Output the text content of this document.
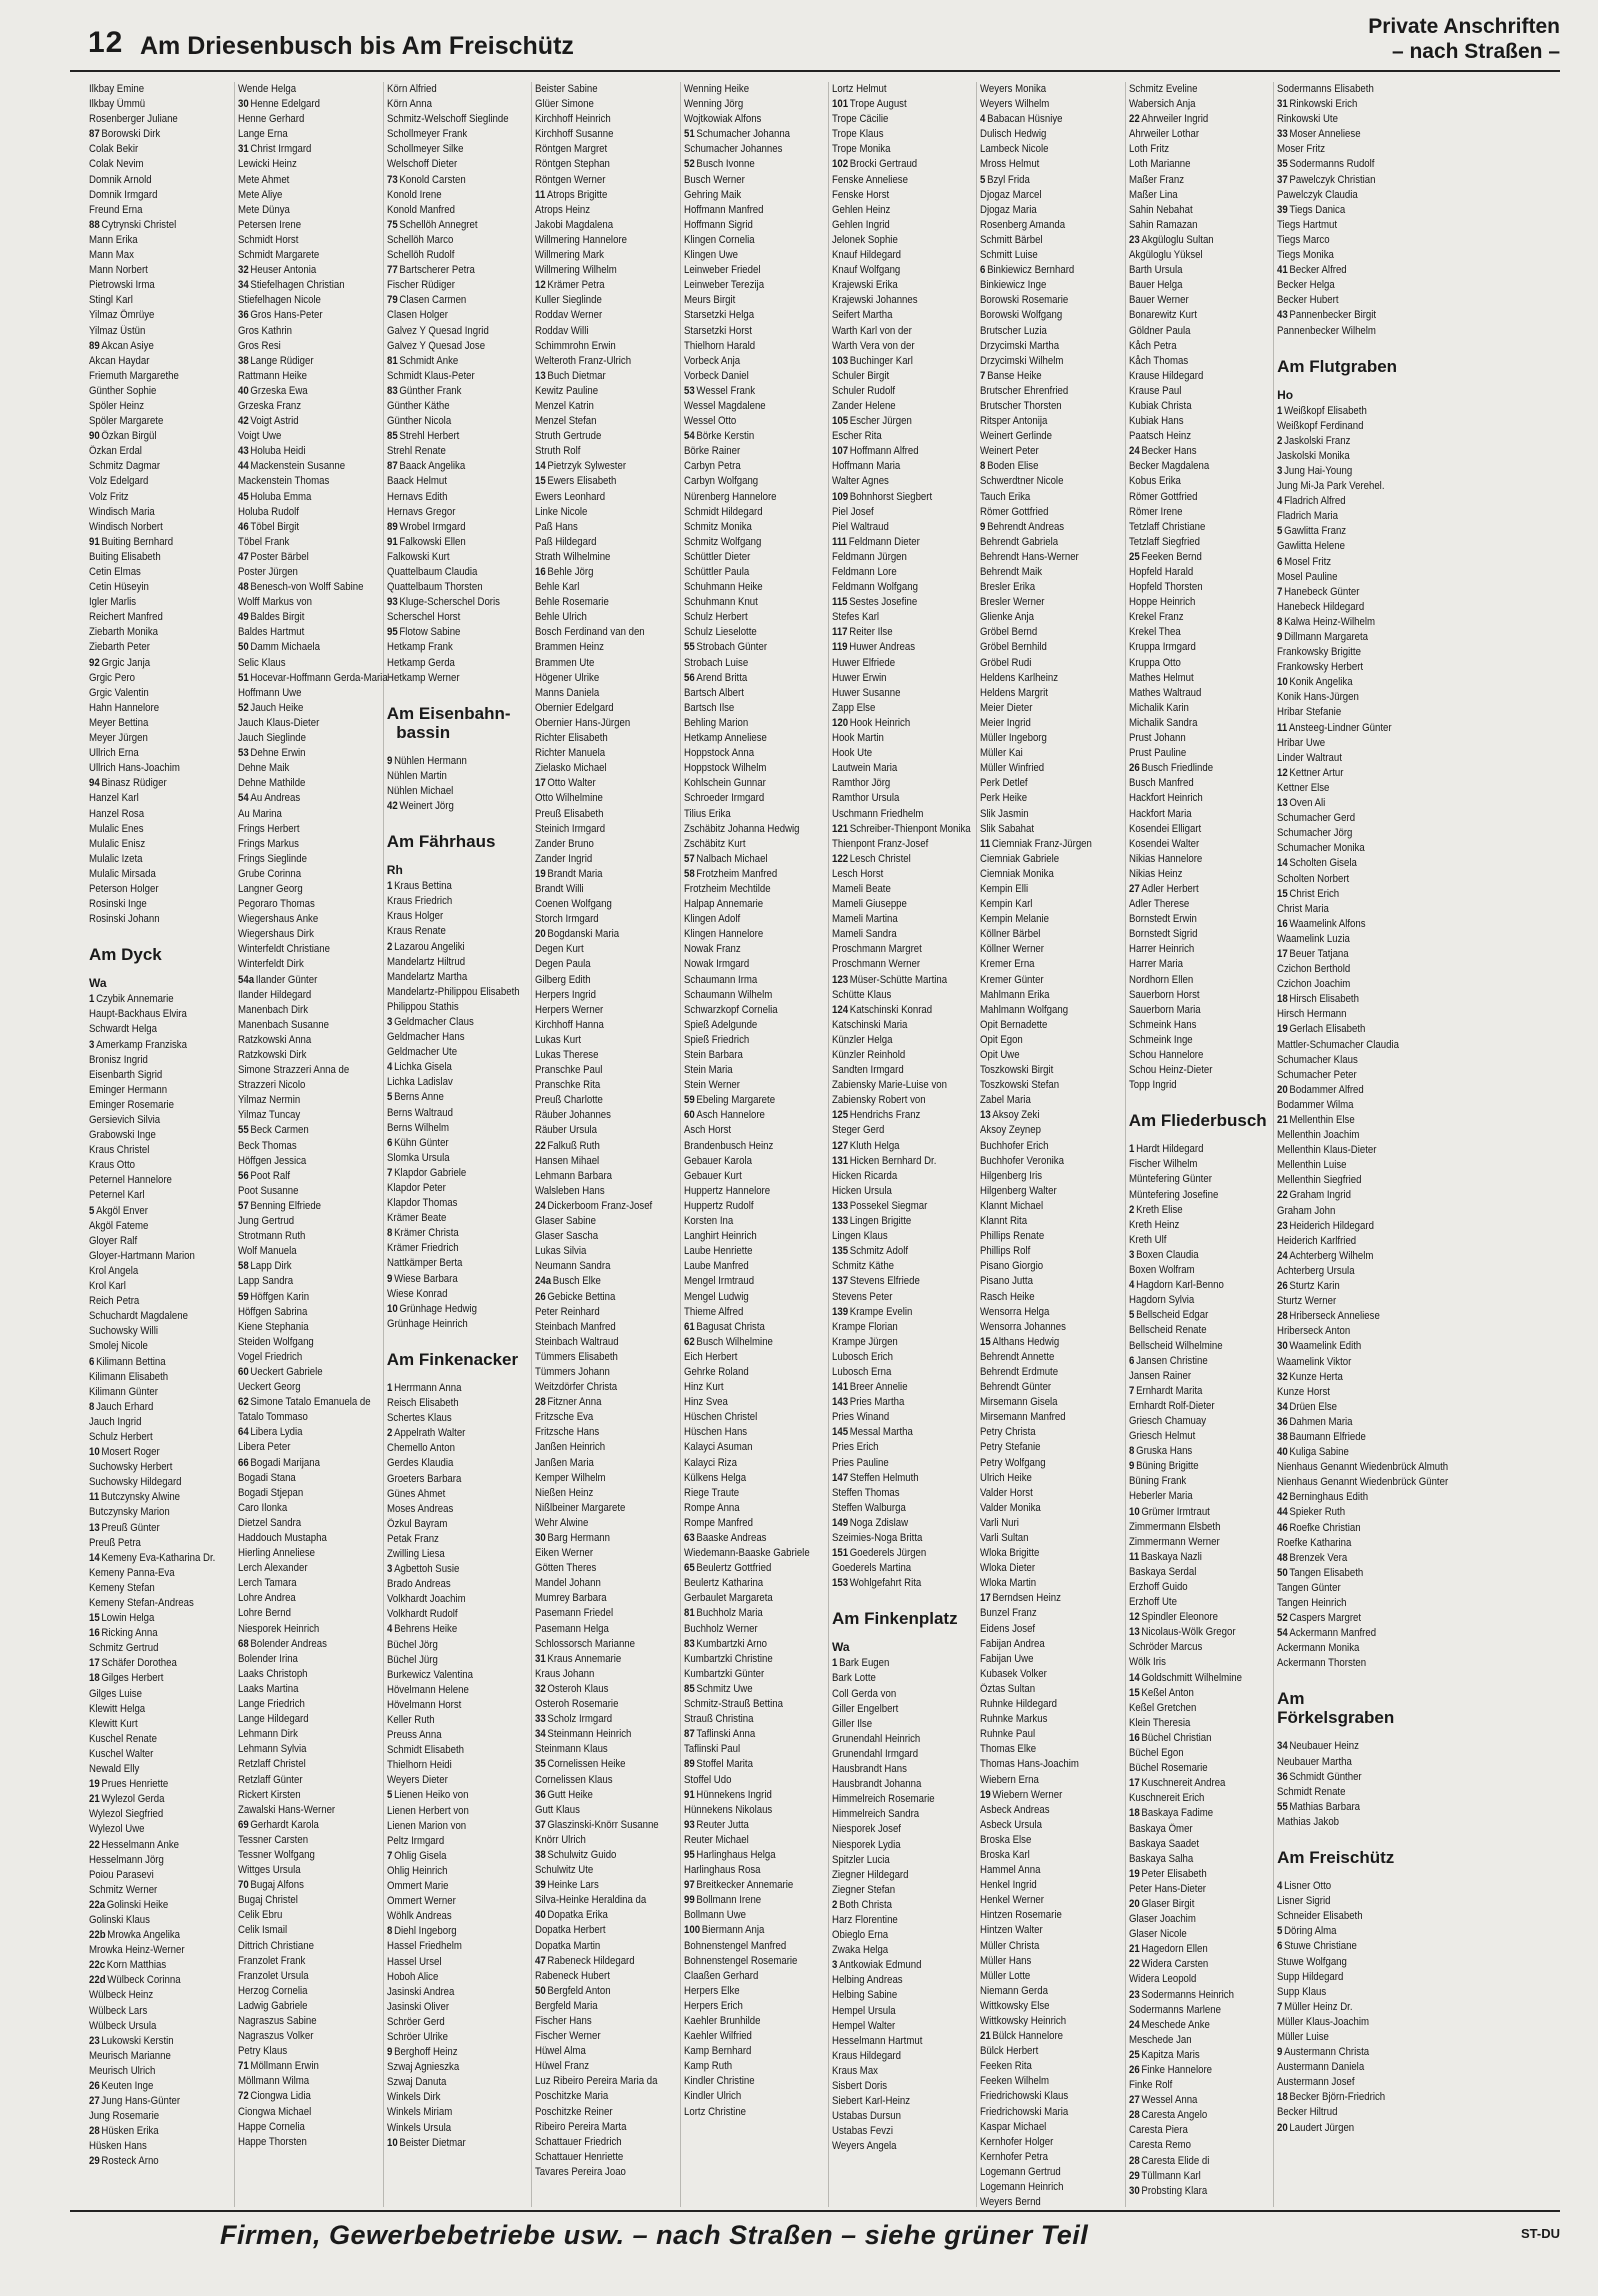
12 Am Driesenbusch bis Am Freischütz
Private Anschriften
– nach Straßen –
Ilkbay Emine
Ilkbay Ümmü
Rosenberger Juliane
87 Borowski Dirk
Colak Bekir
Colak Nevim
Domnik Arnold
Domnik Irmgard
Freund Erna
88 Cytrynski Christel
Mann Erika
Mann Max
Mann Norbert
Pietrowski Irma
Stingl Karl
Yilmaz Ömrüye
Yilmaz Üstün
89 Akcan Asiye
Akcan Haydar
Friemuth Margarethe
Günther Sophie
Spöler Heinz
Spöler Margarete
90 Özkan Birgül
Özkan Erdal
Schmitz Dagmar
Volz Edelgard
Volz Fritz
Windisch Maria
Windisch Norbert
91 Buiting Bernhard
Buiting Elisabeth
Cetin Elmas
Cetin Hüseyin
Igler Marlis
Reichert Manfred
Ziebarth Monika
Ziebarth Peter
92 Grgic Janja
Grgic Pero
Grgic Valentin
Hahn Hannelore
Meyer Bettina
Meyer Jürgen
Ullrich Erna
Ullrich Hans-Joachim
94 Binasz Rüdiger
Hanzel Karl
Hanzel Rosa
Mulalic Enes
Mulalic Enisz
Mulalic Izeta
Mulalic Mirsada
Peterson Holger
Rosinski Inge
Rosinski Johann
Am Dyck
Wa
1 Czybik Annemarie
Haupt-Backhaus Elvira
Schwardt Helga
3 Amerkamp Franziska
Bronisz Ingrid
Eisenbarth Sigrid
Eminger Hermann
Eminger Rosemarie
Gersievich Silvia
Grabowski Inge
Kraus Christel
Kraus Otto
Peternel Hannelore
Peternel Karl
5 Akgöl Enver
Akgöl Fateme
Gloyer Ralf
Gloyer-Hartmann Marion
Krol Angela
Krol Karl
Reich Petra
Schuchardt Magdalene
Suchowsky Willi
Smolej Nicole
6 Kilimann Bettina
Kilimann Elisabeth
Kilimann Günter
8 Jauch Erhard
Jauch Ingrid
Schulz Herbert
10 Mosert Roger
Suchowsky Herbert
Suchowsky Hildegard
11 Butczynsky Alwine
Butczynsky Marion
13 Preuß Günter
Preuß Petra
14 Kemeny Eva-Katharina Dr.
Kemeny Panna-Eva
Kemeny Stefan
Kemeny Stefan-Andreas
15 Lowin Helga
16 Ricking Anna
Schmitz Gertrud
17 Schäfer Dorothea
18 Gilges Herbert
Gilges Luise
Klewitt Helga
Klewitt Kurt
Kuschel Renate
Kuschel Walter
Newald Elly
19 Prues Henriette
21 Wylezol Gerda
Wylezol Siegfried
Wylezol Uwe
22 Hesselmann Anke
Hesselmann Jörg
Poiou Parasevi
Schmitz Werner
22a Golinski Heike
Golinski Klaus
22b Mrowka Angelika
Mrowka Heinz-Werner
22c Korn Matthias
22d Wülbeck Corinna
Wülbeck Heinz
Wülbeck Lars
Wülbeck Ursula
23 Lukowski Kerstin
Meurisch Marianne
Meurisch Ulrich
26 Keuten Inge
27 Jung Hans-Günter
Jung Rosemarie
28 Hüsken Erika
Hüsken Hans
29 Rosteck Arno
Wende Helga
30 Henne Edelgard
Henne Gerhard
Lange Erna
31 Christ Irmgard
Lewicki Heinz
Mete Ahmet
Mete Aliye
Mete Dünya
Petersen Irene
Schmidt Horst
Schmidt Margarete
32 Heuser Antonia
34 Stiefelhagen Christian
Stiefelhagen Nicole
36 Gros Hans-Peter
Gros Kathrin
Gros Resi
38 Lange Rüdiger
Rattmann Heike
40 Grzeska Ewa
Grzeska Franz
42 Voigt Astrid
Voigt Uwe
43 Holuba Heidi
44 Mackenstein Susanne
Mackenstein Thomas
45 Holuba Emma
Holuba Rudolf
46 Töbel Birgit
Töbel Frank
47 Poster Bärbel
Poster Jürgen
48 Benesch-von Wolff Sabine
Wolff Markus von
49 Baldes Birgit
Baldes Hartmut
50 Damm Michaela
Selic Klaus
51 Hocevar-Hoffmann Gerda-Maria
Hoffmann Uwe
52 Jauch Heike
Jauch Klaus-Dieter
Jauch Sieglinde
53 Dehne Erwin
Dehne Maik
Dehne Mathilde
54 Au Andreas
Au Marina
Frings Herbert
Frings Markus
Frings Sieglinde
Grube Corinna
Langner Georg
Pegoraro Thomas
Wiegershaus Anke
Wiegershaus Dirk
Winterfeldt Christiane
Winterfeldt Dirk
54a Ilander Günter
Ilander Hildegard
Manenbach Dirk
Manenbach Susanne
Ratzkowski Anna
Ratzkowski Dirk
Simone Strazzeri Anna de
Strazzeri Nicolo
Yilmaz Nermin
Yilmaz Tuncay
55 Beck Carmen
Beck Thomas
Höffgen Jessica
56 Poot Ralf
Poot Susanne
57 Benning Elfriede
Jung Gertrud
Strotmann Ruth
Wolf Manuela
58 Lapp Dirk
Lapp Sandra
59 Höffgen Karin
Höffgen Sabrina
Kiene Stephania
Steiden Wolfgang
Vogel Friedrich
60 Ueckert Gabriele
Ueckert Georg
62 Simone Tatalo Emanuela de
Tatalo Tommaso
64 Libera Lydia
Libera Peter
66 Bogadi Marijana
Bogadi Stana
Bogadi Stjepan
Caro Ilonka
Dietzel Sandra
Haddouch Mustapha
Hierling Anneliese
Lerch Alexander
Lerch Tamara
Lohre Andrea
Lohre Bernd
Niesporek Heinrich
68 Bolender Andreas
Bolender Irina
Laaks Christoph
Laaks Martina
Lange Friedrich
Lange Hildegard
Lehmann Dirk
Lehmann Sylvia
Retzlaff Christel
Retzlaff Günter
Rickert Kirsten
Zawalski Hans-Werner
69 Gerhardt Karola
Tessner Carsten
Tessner Wolfgang
Wittges Ursula
70 Bugaj Alfons
Bugaj Christel
Celik Ebru
Celik Ismail
Dittrich Christiane
Franzolet Frank
Franzolet Ursula
Herzog Cornelia
Ladwig Gabriele
Nagraszus Sabine
Nagraszus Volker
Petry Klaus
71 Möllmann Erwin
Möllmann Wilma
72 Ciongwa Lidia
Ciongwa Michael
Happe Cornelia
Happe Thorsten
Körn Alfried
Körn Anna
Schmitz-Welschoff Sieglinde
Schollmeyer Frank
Schollmeyer Silke
Welschoff Dieter
73 Konold Carsten
Konold Irene
Konold Manfred
75 Schellöh Annegret
Schellöh Marco
Schellöh Rudolf
77 Bartscherer Petra
Fischer Rüdiger
79 Clasen Carmen
Clasen Holger
Galvez Y Quesad Ingrid
Galvez Y Quesad Jose
81 Schmidt Anke
Schmidt Klaus-Peter
83 Günther Frank
Günther Käthe
Günther Nicola
85 Strehl Herbert
Strehl Renate
87 Baack Angelika
Baack Helmut
Hernavs Edith
Hernavs Gregor
89 Wrobel Irmgard
91 Falkowski Ellen
Falkowski Kurt
Quattelbaum Claudia
Quattelbaum Thorsten
93 Kluge-Scherschel Doris
Scherschel Horst
95 Flotow Sabine
Hetkamp Frank
Hetkamp Gerda
Hetkamp Werner
Am Eisenbahn-  bassin
9 Nühlen Hermann
Nühlen Martin
Nühlen Michael
42 Weinert Jörg
Am Fährhaus
Rh
1 Kraus Bettina
Kraus Friedrich
Kraus Holger
Kraus Renate
2 Lazarou Angeliki
Mandelartz Hiltrud
Mandelartz Martha
Mandelartz-Philippou Elisabeth
Philippou Stathis
3 Geldmacher Claus
Geldmacher Hans
Geldmacher Ute
4 Lichka Gisela
Lichka Ladislav
5 Berns Anne
Berns Waltraud
Berns Wilhelm
6 Kühn Günter
Slomka Ursula
7 Klapdor Gabriele
Klapdor Peter
Klapdor Thomas
Krämer Beate
8 Krämer Christa
Krämer Friedrich
Nattkämper Berta
9 Wiese Barbara
Wiese Konrad
10 Grünhage Hedwig
Grünhage Heinrich
Am Finkenacker
1 Herrmann Anna
Reisch Elisabeth
Schertes Klaus
2 Appelrath Walter
Chemello Anton
Gerdes Klaudia
Groeters Barbara
Günes Ahmet
Moses Andreas
Özkul Bayram
Petak Franz
Zwilling Liesa
3 Agbettoh Susie
Brado Andreas
Volkhardt Joachim
Volkhardt Rudolf
4 Behrens Heike
Büchel Jörg
Büchel Jürg
Burkewicz Valentina
Hövelmann Helene
Hövelmann Horst
Keller Ruth
Preuss Anna
Schmidt Elisabeth
Thielhorn Heidi
Weyers Dieter
5 Lienen Heiko von
Lienen Herbert von
Lienen Marion von
Peltz Irmgard
7 Ohlig Gisela
Ohlig Heinrich
Ommert Marie
Ommert Werner
Wöhlk Andreas
8 Diehl Ingeborg
Hassel Friedhelm
Hassel Ursel
Hoboh Alice
Jasinski Andrea
Jasinski Oliver
Schröer Gerd
Schröer Ulrike
9 Berghoff Heinz
Szwaj Agnieszka
Szwaj Danuta
Winkels Dirk
Winkels Miriam
Winkels Ursula
10 Beister Dietmar
Beister Sabine
Glüer Simone
Kirchhoff Heinrich
Kirchhoff Susanne
Röntgen Margret
Röntgen Stephan
Röntgen Werner
11 Atrops Brigitte
Atrops Heinz
Jakobi Magdalena
Willmering Hannelore
Willmering Mark
Willmering Wilhelm
12 Krämer Petra
Kuller Sieglinde
Roddav Werner
Roddav Willi
Schimmrohn Erwin
Welteroth Franz-Ulrich
13 Buch Dietmar
Kewitz Pauline
Menzel Katrin
Menzel Stefan
Struth Gertrude
Struth Rolf
14 Pietrzyk Sylwester
15 Ewers Elisabeth
Ewers Leonhard
Linke Nicole
Paß Hans
Paß Hildegard
Strath Wilhelmine
16 Behle Jörg
Behle Karl
Behle Rosemarie
Behle Ulrich
Bosch Ferdinand van den
Brammen Heinz
Brammen Ute
Högener Ulrike
Manns Daniela
Obernier Edelgard
Obernier Hans-Jürgen
Richter Elisabeth
Richter Manuela
Zielasko Michael
17 Otto Walter
Otto Wilhelmine
Preuß Elisabeth
Steinich Irmgard
Zander Bruno
Zander Ingrid
19 Brandt Maria
Brandt Willi
Coenen Wolfgang
Storch Irmgard
20 Bogdanski Maria
Degen Kurt
Degen Paula
Gilberg Edith
Herpers Ingrid
Herpers Werner
Kirchhoff Hanna
Lukas Kurt
Lukas Therese
Pranschke Paul
Pranschke Rita
Preuß Charlotte
Räuber Johannes
Räuber Ursula
22 Falkuß Ruth
Hansen Mihael
Lehmann Barbara
Walsleben Hans
24 Dickerboom Franz-Josef
Glaser Sabine
Glaser Sascha
Lukas Silvia
Neumann Sandra
24a Busch Elke
26 Gebicke Bettina
Peter Reinhard
Steinbach Manfred
Steinbach Waltraud
Tümmers Elisabeth
Tümmers Johann
Weitzdörfer Christa
28 Fitzner Anna
Fritzsche Eva
Fritzsche Hans
Janßen Heinrich
Janßen Maria
Kemper Wilhelm
Nießen Heinz
Nißlbeiner Margarete
Wehr Alwine
30 Barg Hermann
Eiken Werner
Götten Theres
Mandel Johann
Mumrey Barbara
Pasemann Friedel
Pasemann Helga
Schlossorsch Marianne
31 Kraus Annemarie
Kraus Johann
32 Osteroh Klaus
Osteroh Rosemarie
33 Scholz Irmgard
34 Steinmann Heinrich
Steinmann Klaus
35 Cornelissen Heike
Cornelissen Klaus
36 Gutt Heike
Gutt Klaus
37 Glaszinski-Knörr Susanne
Knörr Ulrich
38 Schulwitz Guido
Schulwitz Ute
39 Heinke Lars
Silva-Heinke Heraldina da
40 Dopatka Erika
Dopatka Herbert
Dopatka Martin
47 Rabeneck Hildegard
Rabeneck Hubert
50 Bergfeld Anton
Bergfeld Maria
Fischer Hans
Fischer Werner
Hüwel Alma
Hüwel Franz
Luz Ribeiro Pereira Maria da
Poschitzke Maria
Poschitzke Reiner
Ribeiro Pereira Marta
Schattauer Friedrich
Schattauer Henriette
Tavares Pereira Joao
Wenning Heike
Wenning Jörg
Wojtkowiak Alfons
51 Schumacher Johanna
Schumacher Johannes
52 Busch Ivonne
Busch Werner
Gehring Maik
Hoffmann Manfred
Hoffmann Sigrid
Klingen Cornelia
Klingen Uwe
Leinweber Friedel
Leinweber Terezija
Meurs Birgit
Starsetzki Helga
Starsetzki Horst
Thielhorn Harald
Vorbeck Anja
Vorbeck Daniel
53 Wessel Frank
Wessel Magdalene
Wessel Otto
54 Börke Kerstin
Börke Rainer
Carbyn Petra
Carbyn Wolfgang
Nürenberg Hannelore
Schmidt Hildegard
Schmitz Monika
Schmitz Wolfgang
Schüttler Dieter
Schüttler Paula
Schuhmann Heike
Schuhmann Knut
Schulz Herbert
Schulz Lieselotte
55 Strobach Günter
Strobach Luise
56 Arend Britta
Bartsch Albert
Bartsch Ilse
Behling Marion
Hetkamp Anneliese
Hoppstock Anna
Hoppstock Wilhelm
Kohlschein Gunnar
Schroeder Irmgard
Tilius Erika
Zschäbitz Johanna Hedwig
Zschäbitz Kurt
57 Nalbach Michael
58 Frotzheim Manfred
Frotzheim Mechtilde
Halpap Annemarie
Klingen Adolf
Klingen Hannelore
Nowak Franz
Nowak Irmgard
Schaumann Irma
Schaumann Wilhelm
Schwarzkopf Cornelia
Spieß Adelgunde
Spieß Friedrich
Stein Barbara
Stein Maria
Stein Werner
59 Ebeling Margarete
60 Asch Hannelore
Asch Horst
Brandenbusch Heinz
Gebauer Karola
Gebauer Kurt
Huppertz Hannelore
Huppertz Rudolf
Korsten Ina
Langhirt Heinrich
Laube Henriette
Laube Manfred
Mengel Irmtraud
Mengel Ludwig
Thieme Alfred
61 Bagusat Christa
62 Busch Wilhelmine
Eich Herbert
Gehrke Roland
Hinz Kurt
Hinz Svea
Hüschen Christel
Hüschen Hans
Kalayci Asuman
Kalayci Riza
Külkens Helga
Riege Traute
Rompe Anna
Rompe Manfred
63 Baaske Andreas
Wiedemann-Baaske Gabriele
65 Beulertz Gottfried
Beulertz Katharina
Gerbaulet Margareta
81 Buchholz Maria
Buchholz Werner
83 Kumbartzki Arno
Kumbartzki Christine
Kumbartzki Günter
85 Schmitz Uwe
Schmitz-Strauß Bettina
Strauß Christina
87 Taflinski Anna
Taflinski Paul
89 Stoffel Marita
Stoffel Udo
91 Hünnekens Ingrid
Hünnekens Nikolaus
93 Reuter Jutta
Reuter Michael
95 Harlinghaus Helga
Harlinghaus Rosa
97 Breitkecker Annemarie
99 Bollmann Irene
Bollmann Uwe
100 Biermann Anja
Bohnenstengel Manfred
Bohnenstengel Rosemarie
Claaßen Gerhard
Herpers Elke
Herpers Erich
Kaehler Brunhilde
Kaehler Wilfried
Kamp Bernhard
Kamp Ruth
Kindler Christine
Kindler Ulrich
Lortz Christine
Lortz Helmut
101 Trope August
Trope Cäcilie
Trope Klaus
Trope Monika
102 Brocki Gertraud
Fenske Anneliese
Fenske Horst
Gehlen Heinz
Gehlen Ingrid
Jelonek Sophie
Knauf Hildegard
Knauf Wolfgang
Krajewski Erika
Krajewski Johannes
Seifert Martha
Warth Karl von der
Warth Vera von der
103 Buchinger Karl
Schuler Birgit
Schuler Rudolf
Zander Helene
105 Escher Jürgen
Escher Rita
107 Hoffmann Alfred
Hoffmann Maria
Walter Agnes
109 Bohnhorst Siegbert
Piel Josef
Piel Waltraud
111 Feldmann Dieter
Feldmann Jürgen
Feldmann Lore
Feldmann Wolfgang
115 Sestes Josefine
Stefes Karl
117 Reiter Ilse
119 Huwer Andreas
Huwer Elfriede
Huwer Erwin
Huwer Susanne
Zapp Else
120 Hook Heinrich
Hook Martin
Hook Ute
Lautwein Maria
Ramthor Jörg
Ramthor Ursula
Uschmann Friedhelm
121 Schreiber-Thienpont Monika
Thienpont Franz-Josef
122 Lesch Christel
Lesch Horst
Mameli Beate
Mameli Giuseppe
Mameli Martina
Mameli Sandra
Proschmann Margret
Proschmann Werner
123 Müser-Schütte Martina
Schütte Klaus
124 Katschinski Konrad
Katschinski Maria
Künzler Helga
Künzler Reinhold
Sandten Irmgard
Zabiensky Marie-Luise von
Zabiensky Robert von
125 Hendrichs Franz
Steger Gerd
127 Kluth Helga
131 Hicken Bernhard Dr.
Hicken Ricarda
Hicken Ursula
133 Possekel Siegmar
133 Lingen Brigitte
Lingen Klaus
135 Schmitz Adolf
Schmitz Käthe
137 Stevens Elfriede
Stevens Peter
139 Krampe Evelin
Krampe Florian
Krampe Jürgen
Lubosch Erich
Lubosch Erna
141 Breer Annelie
143 Pries Martha
Pries Winand
145 Messal Martha
Pries Erich
Pries Pauline
147 Steffen Helmuth
Steffen Thomas
Steffen Walburga
149 Noga Zdislaw
Szeimies-Noga Britta
151 Goederels Jürgen
Goederels Martina
153 Wohlgefahrt Rita
Am Finkenplatz
Wa
1 Bark Eugen
Bark Lotte
Coll Gerda von
Giller Engelbert
Giller Ilse
Grunendahl Heinrich
Grunendahl Irmgard
Hausbrandt Hans
Hausbrandt Johanna
Himmelreich Rosemarie
Himmelreich Sandra
Niesporek Josef
Niesporek Lydia
Spitzler Lucia
Ziegner Hildegard
Ziegner Stefan
2 Both Christa
Harz Florentine
Obieglo Erna
Zwaka Helga
3 Antkowiak Edmund
Helbing Andreas
Helbing Sabine
Hempel Ursula
Hempel Walter
Hesselmann Hartmut
Kraus Hildegard
Kraus Max
Sisbert Doris
Siebert Karl-Heinz
Ustabas Dursun
Ustabas Fevzi
Weyers Angela
Weyers Monika
Weyers Wilhelm
4 Babacan Hüsniye
Dulisch Hedwig
Lambeck Nicole
Mross Helmut
5 Bzyl Frida
Djogaz Marcel
Djogaz Maria
Rosenberg Amanda
Schmitt Bärbel
Schmitt Luise
6 Binkiewicz Bernhard
Binkiewicz Inge
Borowski Rosemarie
Borowski Wolfgang
Brutscher Luzia
Drzycimski Martha
Drzycimski Wilhelm
7 Banse Heike
Brutscher Ehrenfried
Brutscher Thorsten
Ritsper Antonija
Weinert Gerlinde
Weinert Peter
8 Boden Elise
Schwerdtner Nicole
Tauch Erika
Römer Gottfried
9 Behrendt Andreas
Behrendt Gabriela
Behrendt Hans-Werner
Behrendt Maik
Bresler Erika
Bresler Werner
Glienke Anja
Gröbel Bernd
Gröbel Bernhild
Gröbel Rudi
Heldens Karlheinz
Heldens Margrit
Meier Dieter
Meier Ingrid
Müller Ingeborg
Müller Kai
Müller Winfried
Perk Detlef
Perk Heike
Slik Jasmin
Slik Sabahat
11 Ciemniak Franz-Jürgen
Ciemniak Gabriele
Ciemniak Monika
Kempin Elli
Kempin Karl
Kempin Melanie
Köllner Bärbel
Köllner Werner
Kremer Erna
Kremer Günter
Mahlmann Erika
Mahlmann Wolfgang
Opit Bernadette
Opit Egon
Opit Uwe
Toszkowski Birgit
Toszkowski Stefan
Zabel Maria
13 Aksoy Zeki
Aksoy Zeynep
Buchhofer Erich
Buchhofer Veronika
Hilgenberg Iris
Hilgenberg Walter
Klannt Michael
Klannt Rita
Phillips Renate
Phillips Rolf
Pisano Giorgio
Pisano Jutta
Rasch Heike
Wensorra Helga
Wensorra Johannes
15 Althans Hedwig
Behrendt Annette
Behrendt Erdmute
Behrendt Günter
Mirsemann Gisela
Mirsemann Manfred
Petry Christa
Petry Stefanie
Petry Wolfgang
Ulrich Heike
Valder Horst
Valder Monika
Varli Nuri
Varli Sultan
Wloka Brigitte
Wloka Dieter
Wloka Martin
17 Berndsen Heinz
Bunzel Franz
Eidens Josef
Fabijan Andrea
Fabijan Uwe
Kubasek Volker
Öztas Sultan
Ruhnke Hildegard
Ruhnke Markus
Ruhnke Paul
Thomas Elke
Thomas Hans-Joachim
Wiebern Erna
19 Wiebern Werner
Asbeck Andreas
Asbeck Ursula
Broska Else
Broska Karl
Hammel Anna
Henkel Ingrid
Henkel Werner
Hintzen Rosemarie
Hintzen Walter
Müller Christa
Müller Hans
Müller Lotte
Niemann Gerda
Wittkowsky Else
Wittkowsky Heinrich
21 Bülck Hannelore
Bülck Herbert
Feeken Rita
Feeken Wilhelm
Friedrichowski Klaus
Friedrichowski Maria
Kaspar Michael
Kernhofer Holger
Kernhofer Petra
Logemann Gertrud
Logemann Heinrich
Weyers Bernd
Schmitz Eveline
Wabersich Anja
22 Ahrweiler Ingrid
Ahrweiler Lothar
Loth Fritz
Loth Marianne
Maßer Franz
Maßer Lina
Sahin Nebahat
Sahin Ramazan
23 Akgüloglu Sultan
Akgüloglu Yüksel
Barth Ursula
Bauer Helga
Bauer Werner
Bonarewitz Kurt
Göldner Paula
Kåch Petra
Kåch Thomas
Krause Hildegard
Krause Paul
Kubiak Christa
Kubiak Hans
Paatsch Heinz
24 Becker Hans
Becker Magdalena
Kobus Erika
Römer Gottfried
Römer Irene
Tetzlaff Christiane
Tetzlaff Siegfried
25 Feeken Bernd
Hopfeld Harald
Hopfeld Thorsten
Hoppe Heinrich
Krekel Franz
Krekel Thea
Kruppa Irmgard
Kruppa Otto
Mathes Helmut
Mathes Waltraud
Michalik Karin
Michalik Sandra
Prust Johann
Prust Pauline
26 Busch Friedlinde
Busch Manfred
Hackfort Heinrich
Hackfort Maria
Kosendei Elligart
Kosendei Walter
Nikias Hannelore
Nikias Heinz
27 Adler Herbert
Adler Therese
Bornstedt Erwin
Bornstedt Sigrid
Harrer Heinrich
Harrer Maria
Nordhorn Ellen
Sauerborn Horst
Sauerborn Maria
Schmeink Hans
Schmeink Inge
Schou Hannelore
Schou Heinz-Dieter
Topp Ingrid
Am Fliederbusch
1 Hardt Hildegard
Fischer Wilhelm
Müntefering Günter
Müntefering Josefine
2 Kreth Elise
Kreth Heinz
Kreth Ulf
3 Boxen Claudia
Boxen Wolfram
4 Hagdorn Karl-Benno
Hagdorn Sylvia
5 Bellscheid Edgar
Bellscheid Renate
Bellscheid Wilhelmine
6 Jansen Christine
Jansen Rainer
7 Ernhardt Marita
Ernhardt Rolf-Dieter
Griesch Chamuay
Griesch Helmut
8 Gruska Hans
9 Büning Brigitte
Büning Frank
Heberler Maria
10 Grümer Irmtraut
Zimmermann Elsbeth
Zimmermann Werner
11 Baskaya Nazli
Baskaya Serdal
Erzhoff Guido
Erzhoff Ute
12 Spindler Eleonore
13 Nicolaus-Wölk Gregor
Schröder Marcus
Wölk Iris
14 Goldschmitt Wilhelmine
15 Keßel Anton
Keßel Gretchen
Klein Theresia
16 Büchel Christian
Büchel Egon
Büchel Rosemarie
17 Kuschnereit Andrea
Kuschnereit Erich
18 Baskaya Fadime
Baskaya Ömer
Baskaya Saadet
Baskaya Salha
19 Peter Elisabeth
Peter Hans-Dieter
20 Glaser Birgit
Glaser Joachim
Glaser Nicole
21 Hagedorn Ellen
22 Widera Carsten
Widera Leopold
23 Sodermanns Heinrich
Sodermanns Marlene
24 Meschede Anke
Meschede Jan
25 Kapitza Maris
26 Finke Hannelore
Finke Rolf
27 Wessel Anna
28 Caresta Angelo
Caresta Piera
Caresta Remo
28 Caresta Elide di
29 Tüllmann Karl
30 Probsting Klara
Sodermanns Elisabeth
31 Rinkowski Erich
Rinkowski Ute
33 Moser Anneliese
Moser Fritz
35 Sodermanns Rudolf
37 Pawelczyk Christian
Pawelczyk Claudia
39 Tiegs Danica
Tiegs Hartmut
Tiegs Marco
Tiegs Monika
41 Becker Alfred
Becker Helga
Becker Hubert
43 Pannenbecker Birgit
Pannenbecker Wilhelm
Am Flutgraben
Ho
1 Weißkopf Elisabeth
Weißkopf Ferdinand
2 Jaskolski Franz
Jaskolski Monika
3 Jung Hai-Young
Jung Mi-Ja Park Verehel.
4 Fladrich Alfred
Fladrich Maria
5 Gawlitta Franz
Gawlitta Helene
6 Mosel Fritz
Mosel Pauline
7 Hanebeck Günter
Hanebeck Hildegard
8 Kalwa Heinz-Wilhelm
9 Dillmann Margareta
Frankowsky Brigitte
Frankowsky Herbert
10 Konik Angelika
Konik Hans-Jürgen
Hribar Stefanie
11 Ansteeg-Lindner Günter
Hribar Uwe
Linder Waltraut
12 Kettner Artur
Kettner Else
13 Oven Ali
Schumacher Gerd
Schumacher Jörg
Schumacher Monika
14 Scholten Gisela
Scholten Norbert
15 Christ Erich
Christ Maria
16 Waamelink Alfons
Waamelink Luzia
17 Beuer Tatjana
Czichon Berthold
Czichon Joachim
18 Hirsch Elisabeth
Hirsch Hermann
19 Gerlach Elisabeth
Mattler-Schumacher Claudia
Schumacher Klaus
Schumacher Peter
20 Bodammer Alfred
Bodammer Wilma
21 Mellenthin Else
Mellenthin Joachim
Mellenthin Klaus-Dieter
Mellenthin Luise
Mellenthin Siegfried
22 Graham Ingrid
Graham John
23 Heiderich Hildegard
Heiderich Karlfried
24 Achterberg Wilhelm
Achterberg Ursula
26 Sturtz Karin
Sturtz Werner
28 Hriberseck Anneliese
Hriberseck Anton
30 Waamelink Edith
Waamelink Viktor
32 Kunze Herta
Kunze Horst
34 Drüen Else
36 Dahmen Maria
38 Baumann Elfriede
40 Kuliga Sabine
Nienhaus Genannt Wiedenbrück Almuth
Nienhaus Genannt Wiedenbrück Günter
42 Berninghaus Edith
44 Spieker Ruth
46 Roefke Christian
Roefke Katharina
48 Brenzek Vera
50 Tangen Elisabeth
Tangen Günter
Tangen Heinrich
52 Caspers Margret
54 Ackermann Manfred
Ackermann Monika
Ackermann Thorsten
Am Förkelsgraben
34 Neubauer Heinz
Neubauer Martha
36 Schmidt Günther
Schmidt Renate
55 Mathias Barbara
Mathias Jakob
Am Freischütz
4 Lisner Otto
Lisner Sigrid
Schneider Elisabeth
5 Döring Alma
6 Stuwe Christiane
Stuwe Wolfgang
Supp Hildegard
Supp Klaus
7 Müller Heinz Dr.
Müller Klaus-Joachim
Müller Luise
9 Austermann Christa
Austermann Daniela
Austermann Josef
18 Becker Björn-Friedrich
Becker Hiltrud
20 Laudert Jürgen
Firmen, Gewerbebetriebe usw. – nach Straßen – siehe grüner Teil	ST-DU
